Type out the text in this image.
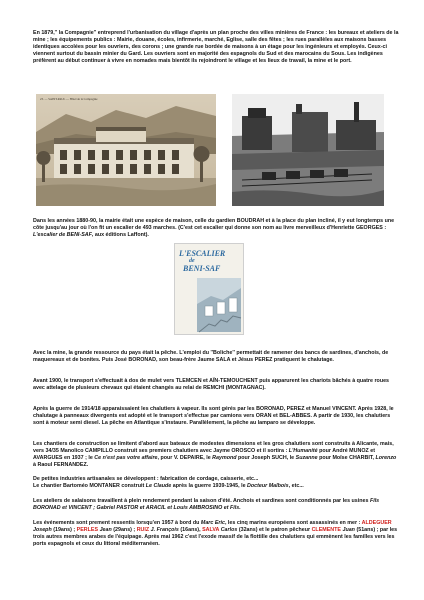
En 1879,'' la Compagnie'' entreprend l'urbanisation du village d'après un plan proche des villes minières de France : les bureaux et ateliers de la mine ; les équipements publics : Mairie, douane, écoles, infirmerie, marché, Eglise, salle des fêtes ; les rues parallèles aux maisons basses identiques accolées pour les ouvriers, des corons ; une grande rue bordée de maisons à un étage pour les ingénieurs et employés. Ceux-ci viennent surtout du bassin minier du Gard. Les ouvriers sont en majorité des espagnols du Sud et des marocains du Sous. Les indigènes préfèrent au début continuer à vivre en nomades mais bientôt ils rejoindront le village et les lieux de travail, la mine et le port.

23. — SAINT-PAUL — Hôtel de la Compagnie

Dans les années 1880-90, la mairie était une espèce de maison, celle du gardien BOUDRAH et à la place du plan incliné, il y eut longtemps une côte jusqu'au jour où l'on fit un escalier de 493 marches. (C'est cet escalier qui donne son nom au livre merveilleux d'Henriette GEORGES : L'escalier de BENI-SAF, aux éditions Laffont).

L'ESCALIER
de
BENI-SAF

Avec la mine, la grande ressource du pays était la pêche. L'emploi du ''Boliche'' permettait de ramener des bancs de sardines, d'anchois, de maquereaux et de bonites. Puis José BORONAD, son beau-frère Jaume SALA et Jésus PEREZ pratiquent le chalutage.

Avant 1900, le transport s'effectuait à dos de mulet vers TLEMCEN et AÏN-TEMOUCHENT puis apparurent les chariots bâchés à quatre roues avec attelage de plusieurs chevaux qui étaient changés au relai de REMCHI (MONTAGNAC).

Après la guerre de 1914/18 apparaissaient les chalutiers à vapeur. Ils sont gérés par les BORONAD, PEREZ et Manuel VINCENT. Après 1928, le chalutage à panneaux divergents est adopté et le transport s'effectue par camions vers ORAN et BEL-ABBES. A partir de 1930, les chalutiers sont à moteur semi diesel. La pêche en Atlantique s'instaure. Parallèlement, la pêche au lamparo se développe.

Les chantiers de construction se limitent d'abord aux bateaux de modestes dimensions et les gros chalutiers sont construits à Alicante, mais, vers 34/35 Manolico CAMPILLO construit ses premiers chalutiers avec Jayme OROSCO et il sortira : L'Humanité pour André MUNOZ et AVARGUES en 1937 ; le Ce n'est pas votre affaire, pour V. DEPAIRE, le Raymond pour Joseph SUCH, le Suzanne pour Moïse CHARBIT, Lorenzo à Raoul FERNANDEZ.

De petites industries artisanales se développent : fabrication de cordage, caisserie, etc...
Le chantier Bartoméo MONTANER construit Le Claude après la guerre 1939-1945, le Docteur Malbois, etc...

Les ateliers de salaisons travaillent à plein rendement pendant la saison d'été. Anchois et sardines sont conditionnés par les usines Fils BORONAD et VINCENT ; Gabriel PASTOR et ARACIL et Louis AMBROSINO et Fils.

Les événements sont prement ressentis lorsqu'en 1957 à bord du Marc Eric, les cinq marins européens sont assassinés en mer : ALDEGUER Joseph (19ans) ; PERLES Jean (29ans) ; RUIZ J. François (16ans), SALVA Carlos (32ans) et le patron pêcheur CLEMENTE Juan (51ans) ; par les trois autres membres arabes de l'équipage. Après mai 1962 c'est l'exode massif de la flottille des chalutiers qui emmènent les familles vers les ports espagnols et ceux du littoral méditerranéen.
